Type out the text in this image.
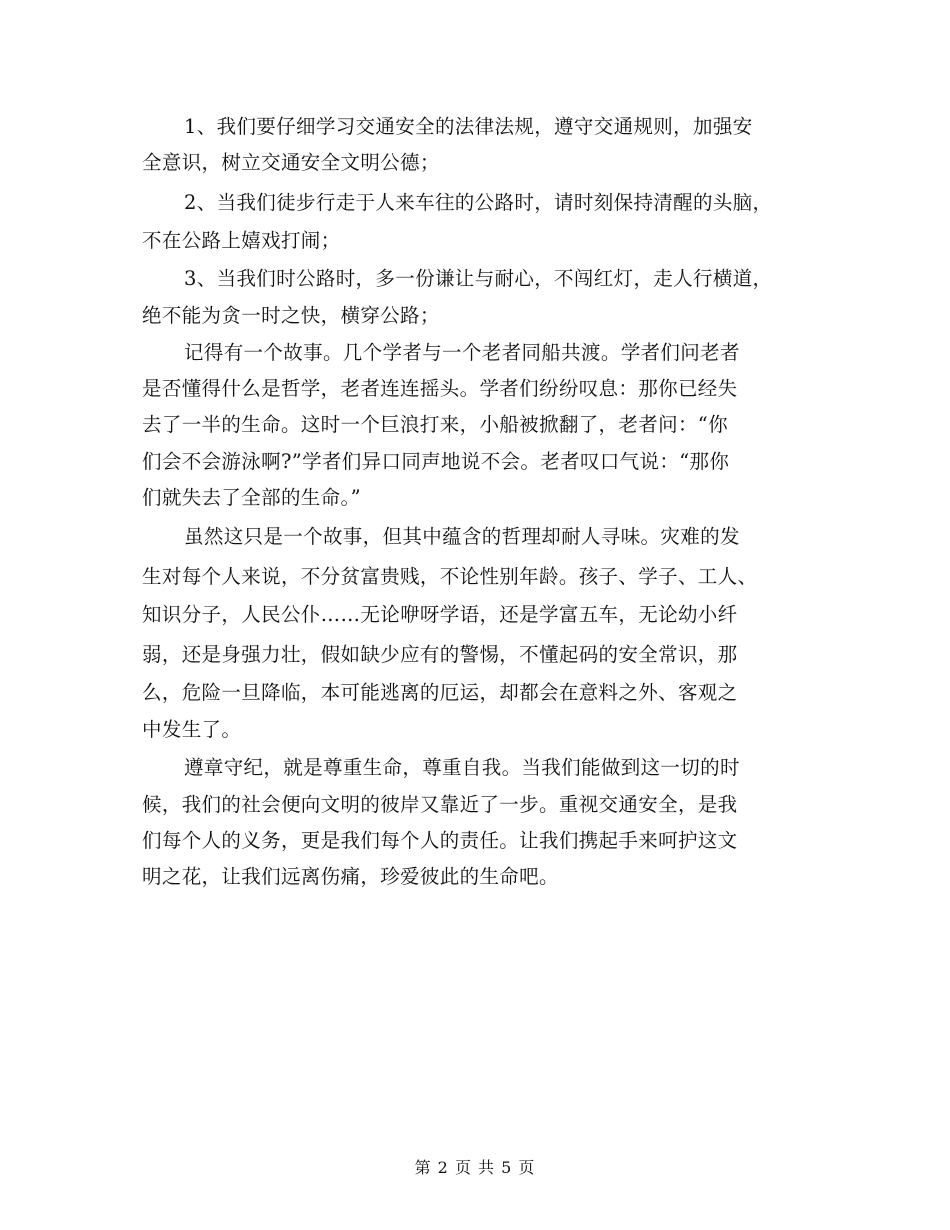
1、我们要仔细学习交通安全的法律法规，遵守交通规则，加强安
全意识，树立交通安全文明公德；
2、当我们徒步行走于人来车往的公路时，请时刻保持清醒的头脑，
不在公路上嬉戏打闹；
3、当我们时公路时，多一份谦让与耐心，不闯红灯，走人行横道，
绝不能为贪一时之快，横穿公路；
记得有一个故事。几个学者与一个老者同船共渡。学者们问老者
是否懂得什么是哲学，老者连连摇头。学者们纷纷叹息：那你已经失
去了一半的生命。这时一个巨浪打来，小船被掀翻了，老者问：“你
们会不会游泳啊?”学者们异口同声地说不会。老者叹口气说：“那你
们就失去了全部的生命。”
虽然这只是一个故事，但其中蕴含的哲理却耐人寻味。灾难的发
生对每个人来说，不分贫富贵贱，不论性别年龄。孩子、学子、工人、
知识分子，人民公仆……无论咿呀学语，还是学富五车，无论幼小纤
弱，还是身强力壮，假如缺少应有的警惕，不懂起码的安全常识，那
么，危险一旦降临，本可能逃离的厄运，却都会在意料之外、客观之
中发生了。
遵章守纪，就是尊重生命，尊重自我。当我们能做到这一切的时
候，我们的社会便向文明的彼岸又靠近了一步。重视交通安全，是我
们每个人的义务，更是我们每个人的责任。让我们携起手来呵护这文
明之花，让我们远离伤痛，珍爱彼此的生命吧。
第 2 页 共 5 页
